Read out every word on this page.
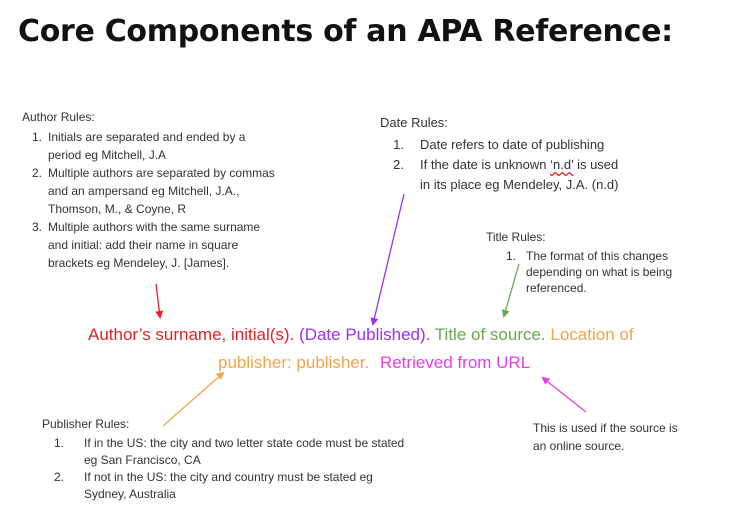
Core Components of an APA Reference:
Author Rules:
1. Initials are separated and ended by a
period eg Mitchell, J.A
2. Multiple authors are separated by commas
and an ampersand eg Mitchell, J.A.,
Thomson, M., & Coyne, R
3. Multiple authors with the same surname
and initial: add their name in square
brackets eg Mendeley, J. [James].
Date Rules:
1. Date refers to date of publishing
2. If the date is unknown ‘n.d’ is used
in its place eg Mendeley, J.A. (n.d)
Title Rules:
1. The format of this changes
depending on what is being
referenced.
Author’s surname, initial(s). (Date Published). Title of source. Location of
publisher: publisher. Retrieved from URL
Publisher Rules:
1. If in the US: the city and two letter state code must be stated
eg San Francisco, CA
2. If not in the US: the city and country must be stated eg
Sydney, Australia
This is used if the source is
an online source.
